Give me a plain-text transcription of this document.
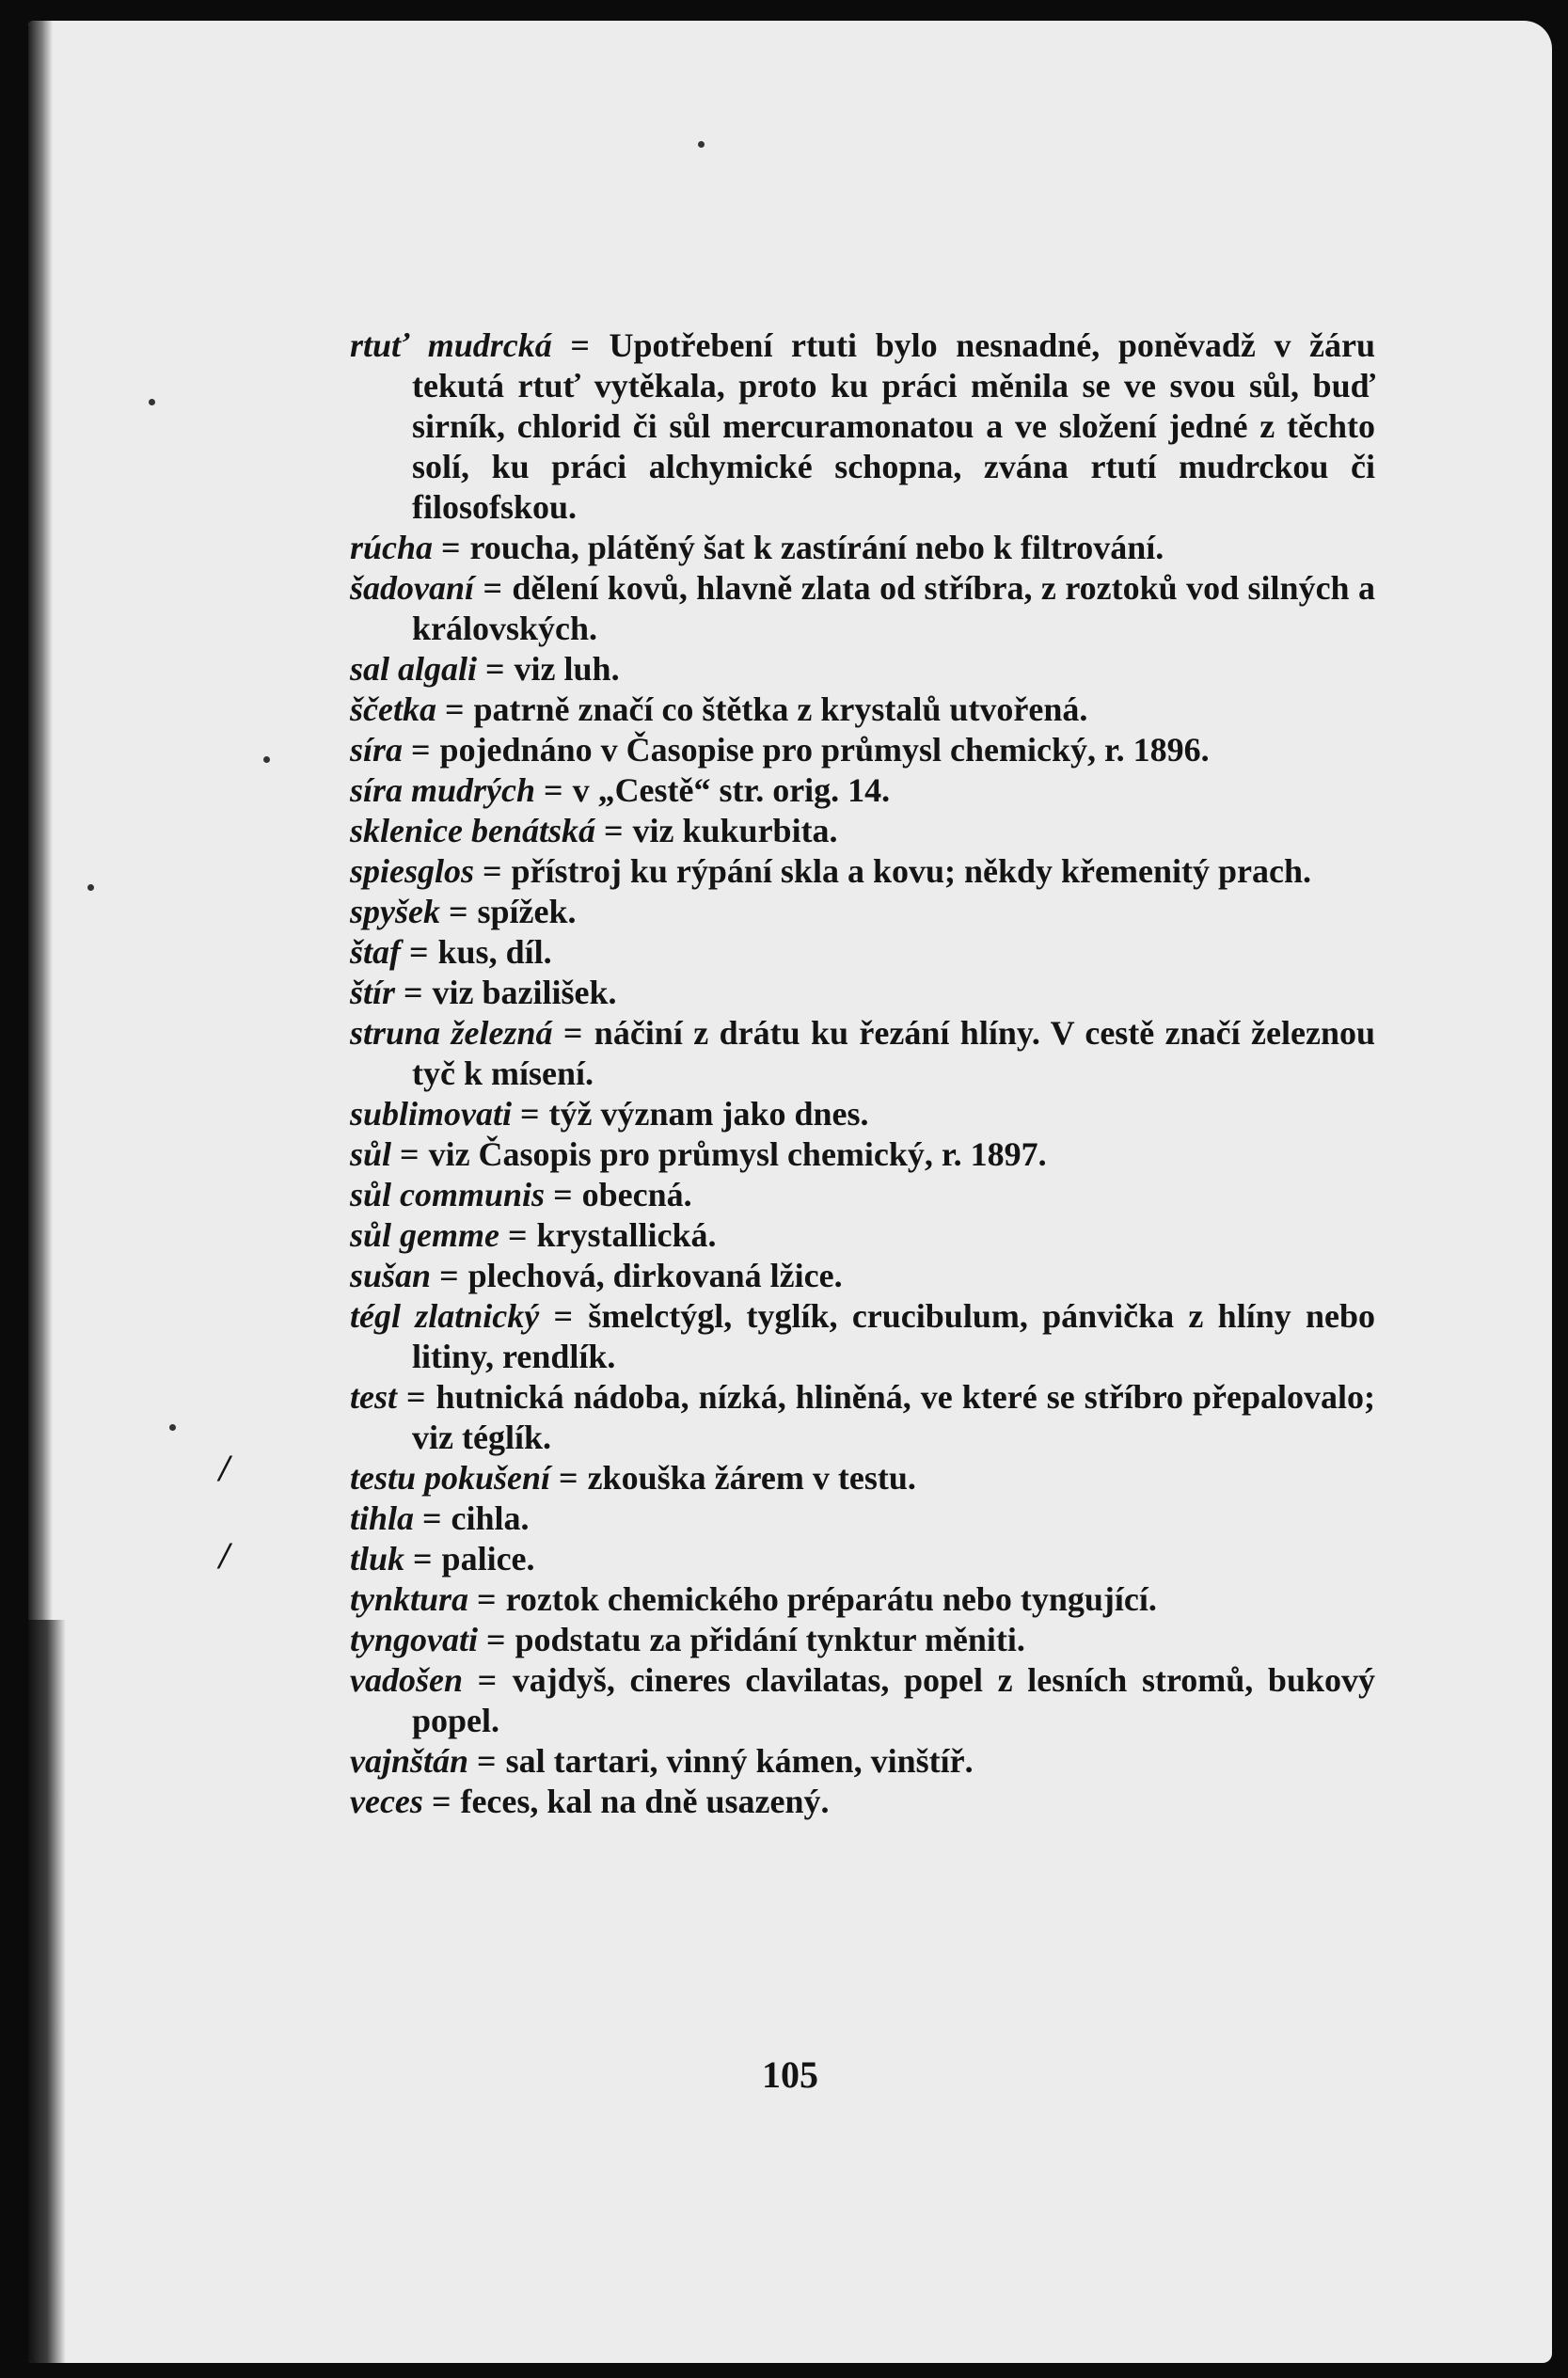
/
/

rtuť mudrcká = Upotřebení rtuti bylo nesnadné, poněvadž v žáru tekutá rtuť vytěkala, proto ku práci měnila se ve svou sůl, buď sirník, chlorid či sůl mercuramonatou a ve složení jedné z těchto solí, ku práci alchymické schopna, zvána rtutí mudrckou či filosofskou.

rúcha = roucha, plátěný šat k zastírání nebo k filtrování.

šadovaní = dělení kovů, hlavně zlata od stříbra, z roztoků vod silných a královských.

sal algali = viz luh.

ščetka = patrně značí co štětka z krystalů utvořená.

síra = pojednáno v Časopise pro průmysl chemický, r. 1896.

síra mudrých = v „Cestě“ str. orig. 14.

sklenice benátská = viz kukurbita.

spiesglos = přístroj ku rýpání skla a kovu; někdy křemenitý prach.

spyšek = spížek.

štaf = kus, díl.

štír = viz bazilišek.

struna železná = náčiní z drátu ku řezání hlíny. V cestě značí železnou tyč k mísení.

sublimovati = týž význam jako dnes.

sůl = viz Časopis pro průmysl chemický, r. 1897.

sůl communis = obecná.

sůl gemme = krystallická.

sušan = plechová, dirkovaná lžice.

tégl zlatnický = šmelctýgl, tyglík, crucibulum, pánvička z hlíny nebo litiny, rendlík.

test = hutnická nádoba, nízká, hliněná, ve které se stříbro přepalovalo; viz téglík.

testu pokušení = zkouška žárem v testu.

tihla = cihla.

tluk = palice.

tynktura = roztok chemického préparátu nebo tyngující.

tyngovati = podstatu za přidání tynktur měniti.

vadošen = vajdyš, cineres clavilatas, popel z lesních stromů, bukový popel.

vajnštán = sal tartari, vinný kámen, vinštíř.

veces = feces, kal na dně usazený.

105
